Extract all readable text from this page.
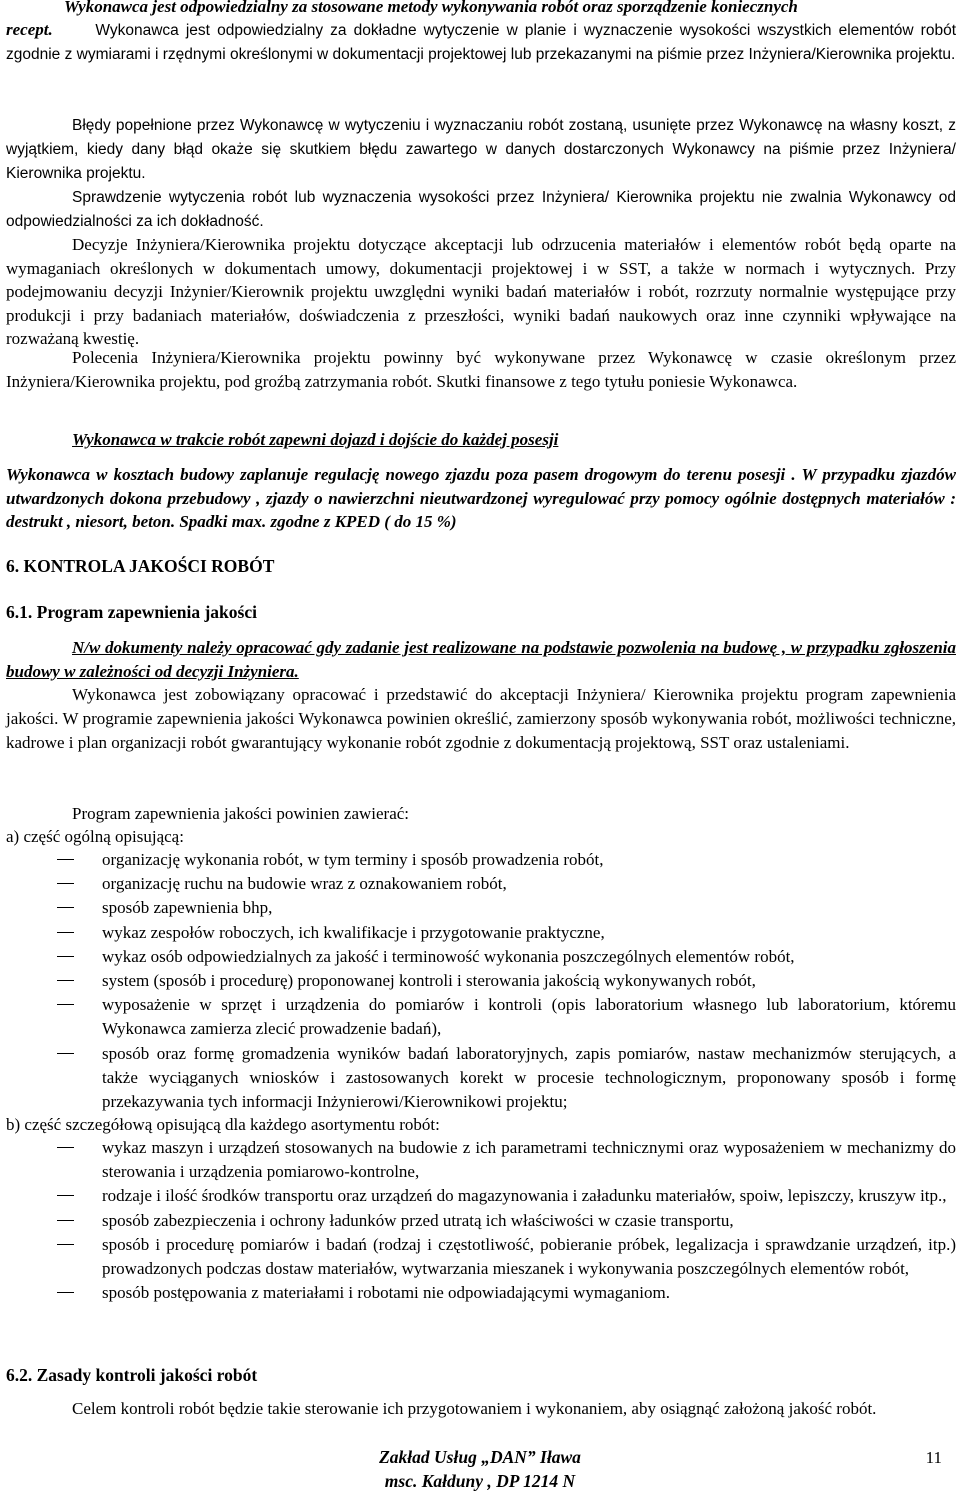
Wykonawca jest odpowiedzialny za stosowane metody wykonywania robót oraz sporządzenie koniecznych

recept.	Wykonawca jest odpowiedzialny za dokładne wytyczenie w planie i wyznaczenie wysokości wszystkich elementów robót zgodnie z wymiarami i rzędnymi określonymi w dokumentacji projektowej lub przekazanymi na piśmie przez Inżyniera/Kierownika projektu.

Błędy popełnione przez Wykonawcę w wytyczeniu i wyznaczaniu robót zostaną, usunięte przez Wykonawcę na własny koszt, z wyjątkiem, kiedy dany błąd okaże się skutkiem błędu zawartego w danych dostarczonych Wykonawcy na piśmie przez Inżyniera/ Kierownika projektu.

Sprawdzenie wytyczenia robót lub wyznaczenia wysokości przez Inżyniera/ Kierownika projektu nie zwalnia Wykonawcy od odpowiedzialności za ich dokładność.

Decyzje Inżyniera/Kierownika projektu dotyczące akceptacji lub odrzucenia materiałów i elementów robót będą oparte na wymaganiach określonych w dokumentach umowy, dokumentacji projektowej i w SST, a także w normach i wytycznych. Przy podejmowaniu decyzji Inżynier/Kierownik projektu uwzględni wyniki badań materiałów i robót, rozrzuty normalnie występujące przy produkcji i przy badaniach materiałów, doświadczenia z przeszłości, wyniki badań naukowych oraz inne czynniki wpływające na rozważaną kwestię.

Polecenia Inżyniera/Kierownika projektu powinny być wykonywane przez Wykonawcę w czasie określonym przez Inżyniera/Kierownika projektu, pod groźbą zatrzymania robót. Skutki finansowe z tego tytułu poniesie Wykonawca.

Wykonawca w trakcie robót zapewni dojazd i dojście do każdej posesji

Wykonawca w kosztach budowy zaplanuje regulację nowego zjazdu poza pasem drogowym do terenu posesji . W przypadku zjazdów utwardzonych dokona przebudowy , zjazdy o nawierzchni nieutwardzonej wyregulować przy pomocy ogólnie dostępnych materiałów : destrukt , niesort, beton. Spadki max. zgodne z KPED ( do 15 %)

6. KONTROLA JAKOŚCI ROBÓT

6.1. Program zapewnienia jakości

N/w dokumenty należy opracować gdy zadanie jest realizowane na podstawie pozwolenia na budowę , w przypadku zgłoszenia budowy w zależności od decyzji Inżyniera.

Wykonawca jest zobowiązany opracować i przedstawić do akceptacji Inżyniera/ Kierownika projektu program zapewnienia jakości. W programie zapewnienia jakości Wykonawca powinien określić, zamierzony sposób wykonywania robót, możliwości techniczne, kadrowe i plan organizacji robót gwarantujący wykonanie robót zgodnie z dokumentacją projektową, SST oraz ustaleniami.

Program zapewnienia jakości powinien zawierać:
a) część ogólną opisującą:
organizację wykonania robót, w tym terminy i sposób prowadzenia robót,
organizację ruchu na budowie wraz z oznakowaniem robót,
sposób zapewnienia bhp,
wykaz zespołów roboczych, ich kwalifikacje i przygotowanie praktyczne,
wykaz osób odpowiedzialnych za jakość i terminowość wykonania poszczególnych elementów robót,
system (sposób i procedurę) proponowanej kontroli i sterowania jakością wykonywanych robót,
wyposażenie w sprzęt i urządzenia do pomiarów i kontroli (opis laboratorium własnego lub laboratorium, któremu Wykonawca zamierza zlecić prowadzenie badań),
sposób oraz formę gromadzenia wyników badań laboratoryjnych, zapis pomiarów, nastaw mechanizmów sterujących, a także wyciąganych wniosków i zastosowanych korekt w procesie technologicznym, proponowany sposób i formę przekazywania tych informacji Inżynierowi/Kierownikowi projektu;
b) część szczegółową opisującą dla każdego asortymentu robót:
wykaz maszyn i urządzeń stosowanych na budowie z ich parametrami technicznymi oraz wyposażeniem w mechanizmy do sterowania i urządzenia pomiarowo-kontrolne,
rodzaje i ilość środków transportu oraz urządzeń do magazynowania i załadunku materiałów, spoiw, lepiszczy, kruszyw itp.,
sposób zabezpieczenia i ochrony ładunków przed utratą ich właściwości w czasie transportu,
sposób i procedurę pomiarów i badań (rodzaj i częstotliwość, pobieranie próbek, legalizacja i sprawdzanie urządzeń, itp.) prowadzonych podczas dostaw materiałów, wytwarzania mieszanek i wykonywania poszczególnych elementów robót,
sposób postępowania z materiałami i robotami nie odpowiadającymi wymaganiom.

6.2. Zasady kontroli jakości robót

Celem kontroli robót będzie takie sterowanie ich przygotowaniem i wykonaniem, aby osiągnąć założoną jakość robót.

Zakład Usług „DAN” Iława
msc. Kałduny , DP 1214 N
11
